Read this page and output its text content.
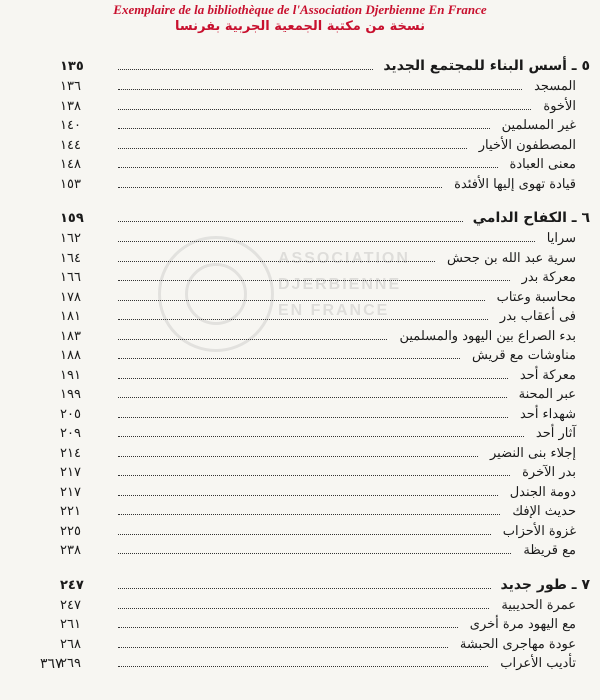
Exemplaire de la bibliothèque de l'Association Djerbienne En France
نسخة من مكتبة الجمعية الجربية بفرنسا
ASSOCIATION
DJERBIENNE
EN FRANCE
٥ ـ أسس البناء للمجتمع الجديد
١٣٥
المسجد
١٣٦
الأخوة
١٣٨
غير المسلمين
١٤٠
المصطفون الأخيار
١٤٤
معنى العبادة
١٤٨
قيادة تهوى إليها الأفئدة
١٥٣
٦ ـ الكفاح الدامي
١٥٩
سرايا
١٦٢
سرية عبد الله بن جحش
١٦٤
معركة بدر
١٦٦
محاسبة وعتاب
١٧٨
فى أعقاب بدر
١٨١
بدء الصراع بين اليهود والمسلمين
١٨٣
مناوشات مع قريش
١٨٨
معركة أحد
١٩١
عبر المحنة
١٩٩
شهداء أحد
٢٠٥
آثار أحد
٢٠٩
إجلاء بنى النضير
٢١٤
بدر الآخرة
٢١٧
دومة الجندل
٢١٧
حديث الإفك
٢٢١
غزوة الأحزاب
٢٢٥
مع قريظة
٢٣٨
٧ ـ طور جديد
٢٤٧
عمرة الحديبية
٢٤٧
مع اليهود مرة أخرى
٢٦١
عودة مهاجرى الحبشة
٢٦٨
تأديب الأعراب
٢٦٩
٣٦٧
